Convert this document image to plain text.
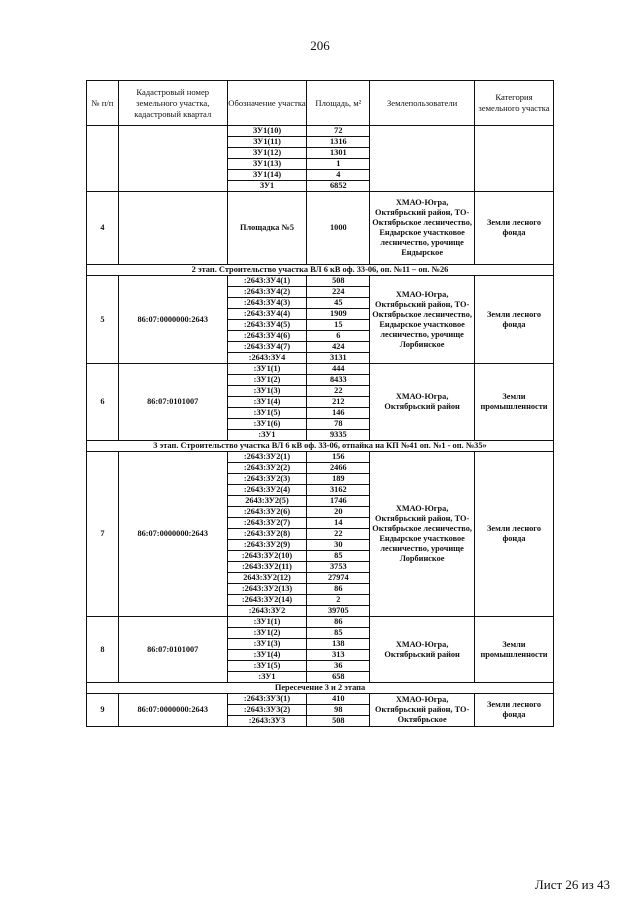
206
№ п/п	Кадастровый номер земельного участка, кадастровый квартал	Обозначение участка	Площадь, м²	Землепользователи	Категория земельного участка
		ЗУ1(10)	72		
		ЗУ1(11)	1316		
		ЗУ1(12)	1301		
		ЗУ1(13)	1		
		ЗУ1(14)	4		
		ЗУ1	6852		
4		Площадка №5	1000	ХМАО-Югра, Октябрьский район, ТО-Октябрьское лесничество, Ендырское участковое лесничество, урочище Ендырское	Земли лесного фонда
2 этап. Строительство участка ВЛ 6 кВ оф. 33-06, оп. №11 – оп. №26					
5	86:07:0000000:2643	:2643:ЗУ4(1)	508	ХМАО-Югра, Октябрьский район, ТО-Октябрьское лесничество, Ендырское участковое лесничество, урочище Лорбинское	Земли лесного фонда
		:2643:ЗУ4(2)	224		
		:2643:ЗУ4(3)	45		
		:2643:ЗУ4(4)	1909		
		:2643:ЗУ4(5)	15		
		:2643:ЗУ4(6)	6		
		:2643:ЗУ4(7)	424		
		:2643:ЗУ4	3131		
6	86:07:0101007	:ЗУ1(1)	444	ХМАО-Югра, Октябрьский район	Земли промышленности
		:ЗУ1(2)	8433		
		:ЗУ1(3)	22		
		:ЗУ1(4)	212		
		:ЗУ1(5)	146		
		:ЗУ1(6)	78		
		:ЗУ1	9335		
3 этап. Строительство участка ВЛ 6 кВ оф. 33-06, отпайка на КП №41 оп. №1 - оп. №35»					
7	86:07:0000000:2643	:2643:ЗУ2(1)	156	ХМАО-Югра, Октябрьский район, ТО-Октябрьское лесничество, Ендырское участковое лесничество, урочище Лорбинское	Земли лесного фонда
		:2643:ЗУ2(2)	2466		
		:2643:ЗУ2(3)	189		
		:2643:ЗУ2(4)	3162		
		2643:ЗУ2(5)	1746		
		:2643:ЗУ2(6)	20		
		:2643:ЗУ2(7)	14		
		:2643:ЗУ2(8)	22		
		:2643:ЗУ2(9)	30		
		:2643:ЗУ2(10)	85		
		:2643:ЗУ2(11)	3753		
		2643:ЗУ2(12)	27974		
		:2643:ЗУ2(13)	86		
		:2643:ЗУ2(14)	2		
		:2643:ЗУ2	39705		
8	86:07:0101007	:ЗУ1(1)	86	ХМАО-Югра, Октябрьский район	Земли промышленности
		:ЗУ1(2)	85		
		:ЗУ1(3)	138		
		:ЗУ1(4)	313		
		:ЗУ1(5)	36		
		:ЗУ1	658		
Пересечение 3 и 2 этапа					
9	86:07:0000000:2643	:2643:ЗУ3(1)	410	ХМАО-Югра, Октябрьский район, ТО-Октябрьское	Земли лесного фонда
		:2643:ЗУ3(2)	98		
		:2643:ЗУ3	508		
Лист 26 из 43
